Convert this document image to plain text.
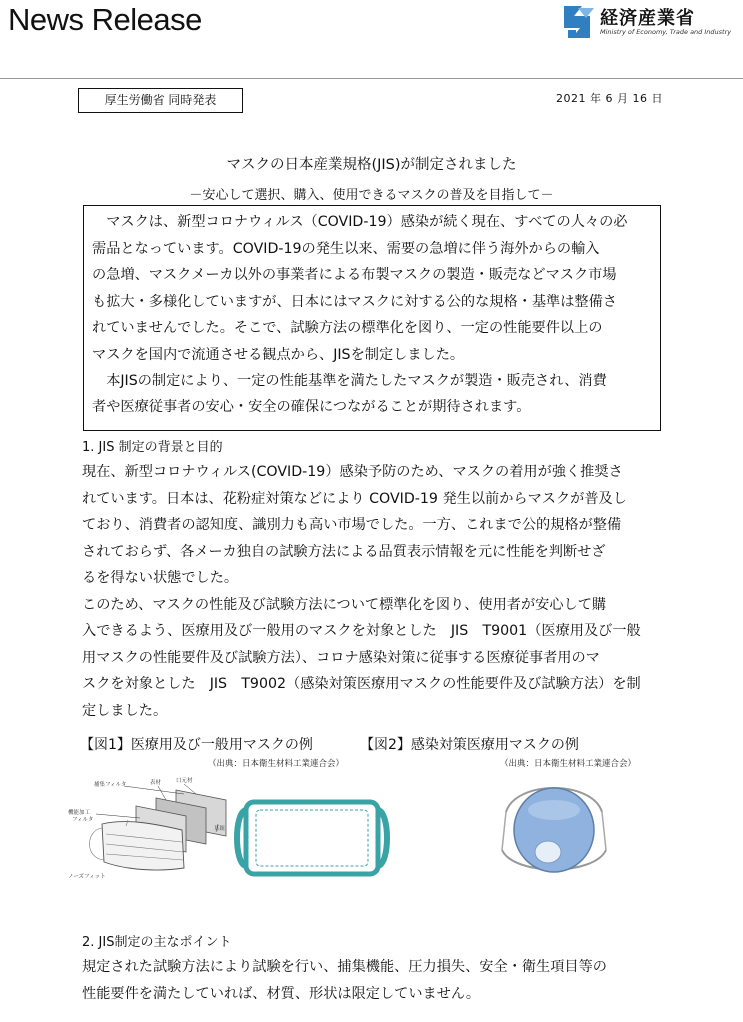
News Release	経済産業省
Ministry of Economy, Trade and Industry
厚生労働省 同時発表	2021 年 6 月 16 日
マスクの日本産業規格(JIS)が制定されました
－安心して選択、購入、使用できるマスクの普及を目指して－
　マスクは、新型コロナウィルス（COVID-19）感染が続く現在、すべての人々の必
需品となっています。COVID-19の発生以来、需要の急増に伴う海外からの輸入
の急増、マスクメーカ以外の事業者による布製マスクの製造・販売などマスク市場
も拡大・多様化していますが、日本にはマスクに対する公的な規格・基準は整備さ
れていませんでした。そこで、試験方法の標準化を図り、一定の性能要件以上の
マスクを国内で流通させる観点から、JISを制定しました。
　本JISの制定により、一定の性能基準を満たしたマスクが製造・販売され、消費
者や医療従事者の安心・安全の確保につながることが期待されます。
1. JIS 制定の背景と目的
現在、新型コロナウィルス(COVID-19）感染予防のため、マスクの着用が強く推奨さ
れています。日本は、花粉症対策などにより COVID-19 発生以前からマスクが普及し
ており、消費者の認知度、識別力も高い市場でした。一方、これまで公的規格が整備
されておらず、各メーカ独自の試験方法による品質表示情報を元に性能を判断せざ
るを得ない状態でした。
このため、マスクの性能及び試験方法について標準化を図り、使用者が安心して購
入できるよう、医療用及び一般用のマスクを対象とした　JIS　T9001（医療用及び一般
用マスクの性能要件及び試験方法）、コロナ感染対策に従事する医療従事者用のマ
スクを対象とした　JIS　T9002（感染対策医療用マスクの性能要件及び試験方法）を制
定しました。
【図1】医療用及び一般用マスクの例	【図2】感染対策医療用マスクの例
（出典：日本衛生材料工業連合会）	（出典：日本衛生材料工業連合会）
捕集フィルタ	表材	口元材
機能加工
フィルタ
耳紐
ノーズフィット
2. JIS制定の主なポイント
規定された試験方法により試験を行い、捕集機能、圧力損失、安全・衛生項目等の
性能要件を満たしていれば、材質、形状は限定していません。
